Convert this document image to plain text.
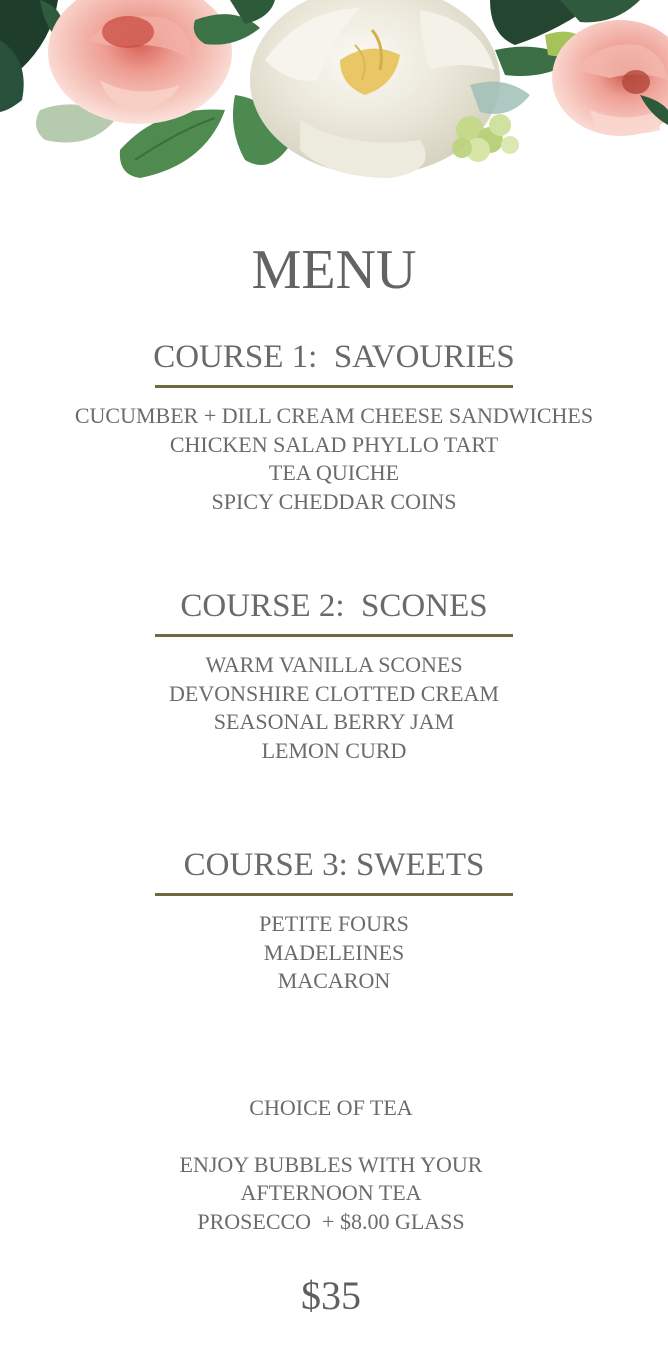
MENU
COURSE 1:  SAVOURIES
CUCUMBER + DILL CREAM CHEESE SANDWICHES
CHICKEN SALAD PHYLLO TART
TEA QUICHE
SPICY CHEDDAR COINS
COURSE 2:  SCONES
WARM VANILLA SCONES
DEVONSHIRE CLOTTED CREAM
SEASONAL BERRY JAM
LEMON CURD
COURSE 3: SWEETS
PETITE FOURS
MADELEINES
MACARON

CHOICE OF TEA

ENJOY BUBBLES WITH YOUR

AFTERNOON TEA

PROSECCO  + $8.00 GLASS

$35
